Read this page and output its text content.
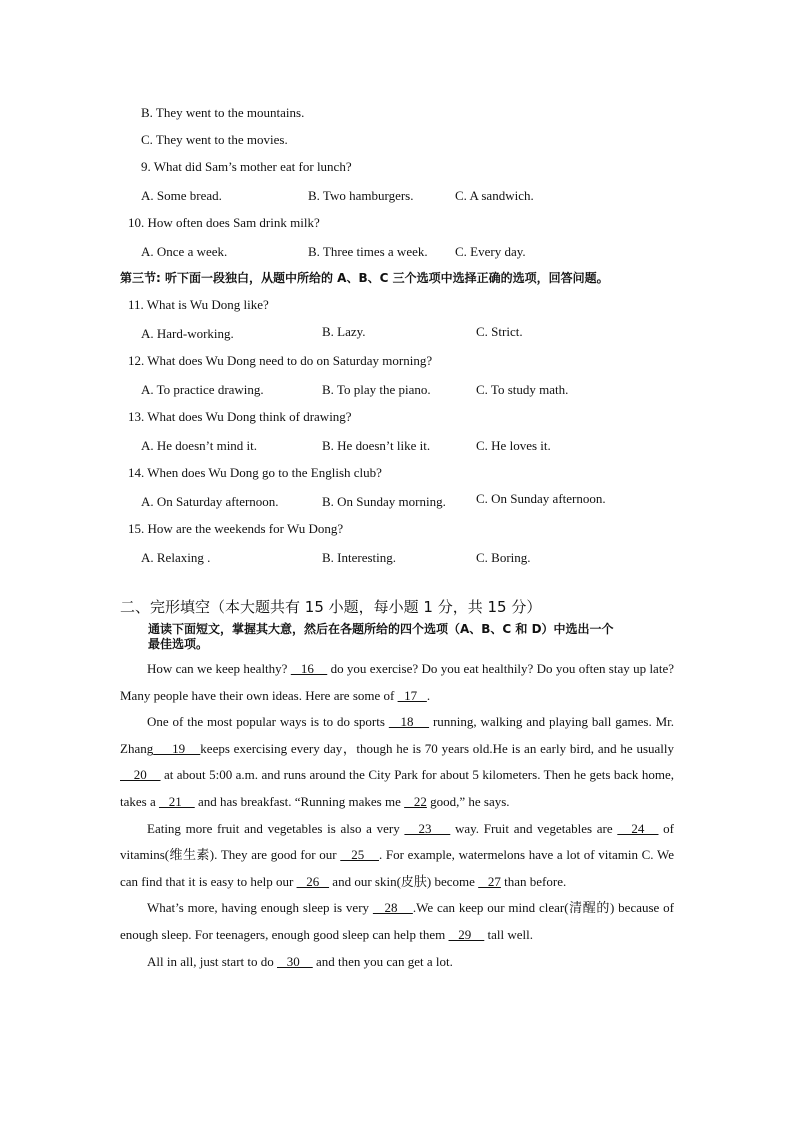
B. They went to the mountains.
C. They went to the movies.
9. What did Sam’s mother eat for lunch?
A. Some bread.	B. Two hamburgers.	C. A sandwich.
10. How often does Sam drink milk?
A. Once a week.	B. Three times a week. C. Every day.
第三节: 听下面一段独白，从题中所给的 A、B、C 三个选项中选择正确的选项，回答问题。
11. What is Wu Dong like?
A. Hard-working.	B. Lazy.	C. Strict.
12. What does Wu Dong need to do on Saturday morning?
A. To practice drawing.	B. To play the piano.	C. To study math.
13. What does Wu Dong think of drawing?
A. He doesn’t mind it.	B. He doesn’t like it.	C. He loves it.
14. When does Wu Dong go to the English club?
A. On Saturday afternoon.	B. On Sunday morning. C. On Sunday afternoon.
15. How are the weekends for Wu Dong?
A. Relaxing .	B. Interesting.	C. Boring.
二、完形填空（本大题共有 15 小题，每小题 1 分，共 15 分）
通读下面短文，掌握其大意，然后在各题所给的四个选项（A、B、C 和 D）中选出一个
最佳选项。

How can we keep healthy?    16     do you exercise? Do you eat healthily? Do you often stay up late? Many people have their own ideas. Here are some of   17   .

One of the most popular ways is to do sports    18     running, walking and playing ball games. Mr. Zhang     19    keeps exercising every day，though he is 70 years old.He is an early bird, and he usually     20     at about 5:00 a.m. and runs around the City Park for about 5 kilometers. Then he gets back home, takes a    21     and has breakfast. “Running makes me    22 good,” he says.

Eating more fruit and vegetables is also a very    23     way. Fruit and vegetables are    24    of vitamins(维生素). They are good for our    25    . For example, watermelons have a lot of vitamin C. We can find that it is easy to help our    26    and our skin(皮肤) become    27 than before.

What’s more, having enough sleep is very    28    .We can keep our mind clear(清醒的) because of enough sleep. For teenagers, enough good sleep can help them    29     tall well.

All in all, just start to do    30     and then you can get a lot.
